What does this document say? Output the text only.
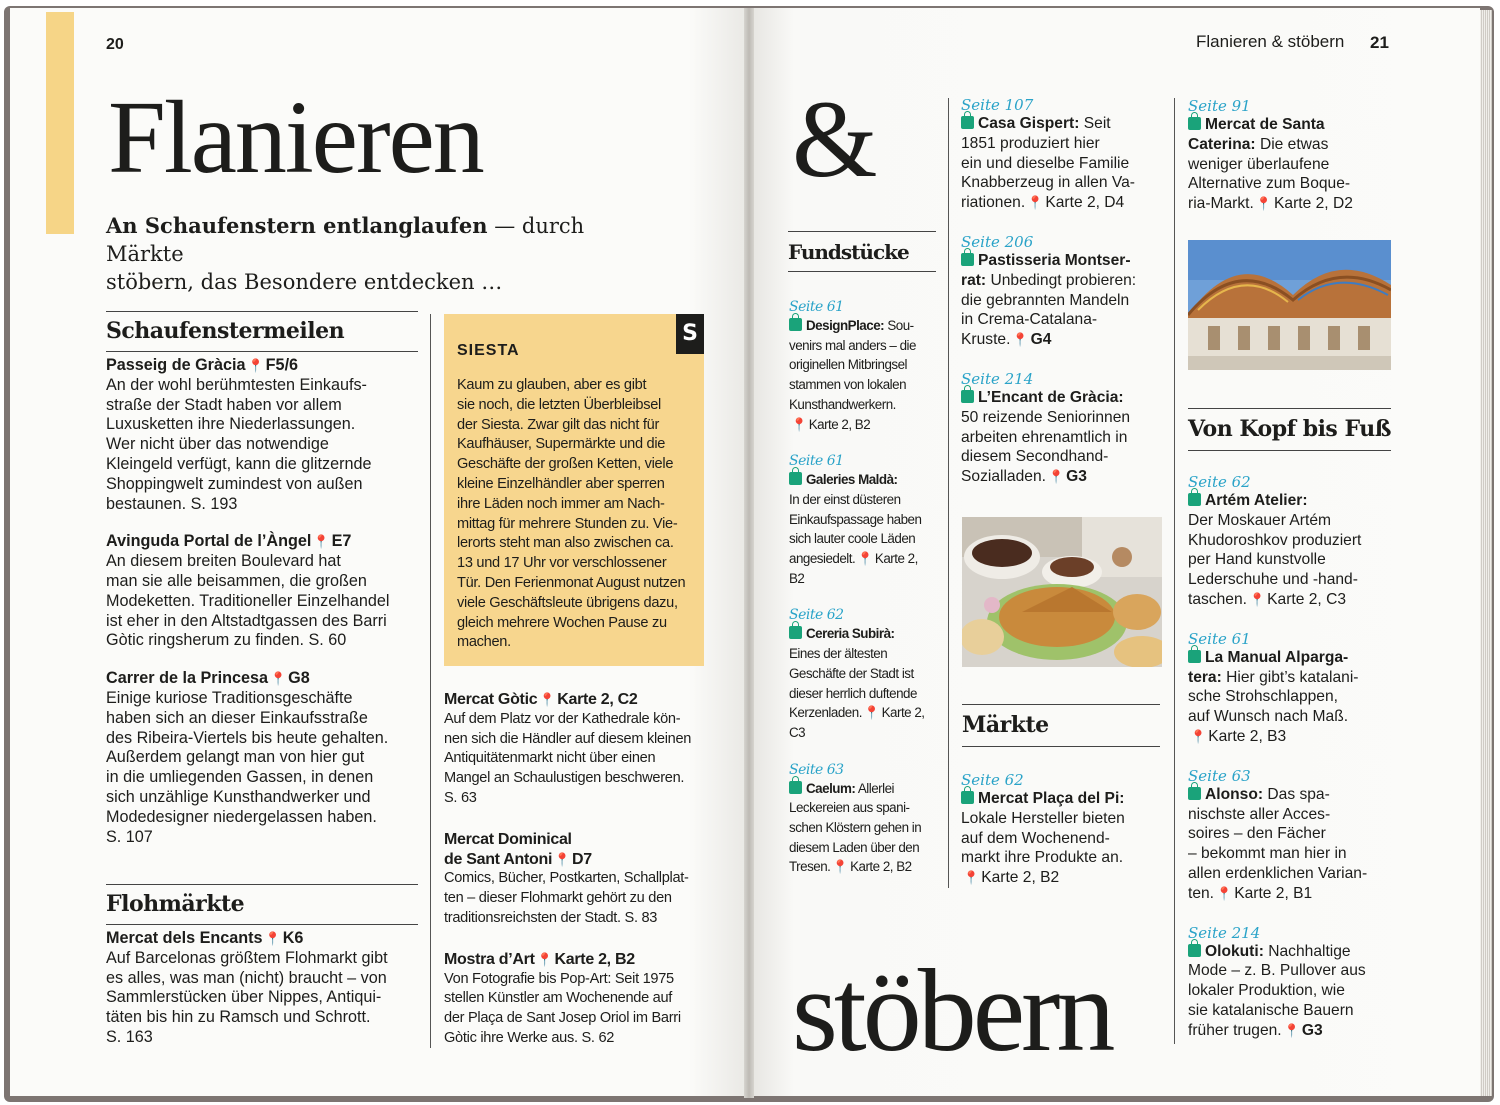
20
Flanieren
An Schaufenstern entlanglaufen — durch Märkte
stöbern, das Besondere entdecken …
Schaufenstermeilen
Passeig de Gràcia 📍 F5/6
An der wohl berühmtesten Einkaufs-
straße der Stadt haben vor allem
Luxusketten ihre Niederlassungen.
Wer nicht über das notwendige
Kleingeld verfügt, kann die glitzernde
Shoppingwelt zumindest von außen
bestaunen. S. 193
Avinguda Portal de l’Àngel 📍 E7
An diesem breiten Boulevard hat
man sie alle beisammen, die großen
Modeketten. Traditioneller Einzelhandel
ist eher in den Altstadtgassen des Barri
Gòtic ringsherum zu finden. S. 60
Carrer de la Princesa 📍 G8
Einige kuriose Traditionsgeschäfte
haben sich an dieser Einkaufsstraße
des Ribeira-Viertels bis heute gehalten.
Außerdem gelangt man von hier gut
in die umliegenden Gassen, in denen
sich unzählige Kunsthandwerker und
Modedesigner niedergelassen haben.
S. 107
Flohmärkte
Mercat dels Encants 📍 K6
Auf Barcelonas größtem Flohmarkt gibt
es alles, was man (nicht) braucht – von
Sammlerstücken über Nippes, Antiqui-
täten bis hin zu Ramsch und Schrott.
S. 163
S
SIESTA
Kaum zu glauben, aber es gibt
sie noch, die letzten Überbleibsel
der Siesta. Zwar gilt das nicht für
Kaufhäuser, Supermärkte und die
Geschäfte der großen Ketten, viele
kleine Einzelhändler aber sperren
ihre Läden noch immer am Nach-
mittag für mehrere Stunden zu. Vie-
lerorts steht man also zwischen ca.
13 und 17 Uhr vor verschlossener
Tür. Den Ferienmonat August nutzen
viele Geschäftsleute übrigens dazu,
gleich mehrere Wochen Pause zu
machen.
Mercat Gòtic 📍 Karte 2, C2
Auf dem Platz vor der Kathedrale kön-
nen sich die Händler auf diesem kleinen
Antiquitätenmarkt nicht über einen
Mangel an Schaulustigen beschweren.
S. 63
Mercat Dominical
de Sant Antoni 📍 D7
Comics, Bücher, Postkarten, Schallplat-
ten – dieser Flohmarkt gehört zu den
traditionsreichsten der Stadt. S. 83
Mostra d’Art 📍 Karte 2, B2
Von Fotografie bis Pop-Art: Seit 1975
stellen Künstler am Wochenende auf
der Plaça de Sant Josep Oriol im Barri
Gòtic ihre Werke aus. S. 62
Flanieren & stöbern 21
&
stöbern
Fundstücke
Seite 61
DesignPlace: Sou-
venirs mal anders – die
originellen Mitbringsel
stammen von lokalen
Kunsthandwerkern.
📍 Karte 2, B2
Seite 61
Galeries Maldà:
In der einst düsteren
Einkaufspassage haben
sich lauter coole Läden
angesiedelt. 📍 Karte 2,
B2
Seite 62
Cereria Subirà:
Eines der ältesten
Geschäfte der Stadt ist
dieser herrlich duftende
Kerzenladen. 📍 Karte 2,
C3
Seite 63
Caelum: Allerlei
Leckereien aus spani-
schen Klöstern gehen in
diesem Laden über den
Tresen. 📍 Karte 2, B2
Seite 107
Casa Gispert: Seit
1851 produziert hier
ein und dieselbe Familie
Knabberzeug in allen Va-
riationen. 📍 Karte 2, D4
Seite 206
Pastisseria Montser-
rat: Unbedingt probieren:
die gebrannten Mandeln
in Crema-Catalana-
Kruste. 📍 G4
Seite 214
L’Encant de Gràcia:
50 reizende Seniorinnen
arbeiten ehrenamtlich in
diesem Secondhand-
Sozialladen. 📍 G3
Märkte
Seite 62
Mercat Plaça del Pi:
Lokale Hersteller bieten
auf dem Wochenend-
markt ihre Produkte an.
📍 Karte 2, B2
Seite 91
Mercat de Santa
Caterina: Die etwas
weniger überlaufene
Alternative zum Boque-
ria-Markt. 📍 Karte 2, D2
Von Kopf bis Fuß
Seite 62
Artém Atelier:
Der Moskauer Artém
Khudoroshkov produziert
per Hand kunstvolle
Lederschuhe und -hand-
taschen. 📍 Karte 2, C3
Seite 61
La Manual Alparga-
tera: Hier gibt’s katalani-
sche Strohschlappen,
auf Wunsch nach Maß.
📍 Karte 2, B3
Seite 63
Alonso: Das spa-
nischste aller Acces-
soires – den Fächer
– bekommt man hier in
allen erdenklichen Varian-
ten. 📍 Karte 2, B1
Seite 214
Olokuti: Nachhaltige
Mode – z. B. Pullover aus
lokaler Produktion, wie
sie katalanische Bauern
früher trugen. 📍 G3
